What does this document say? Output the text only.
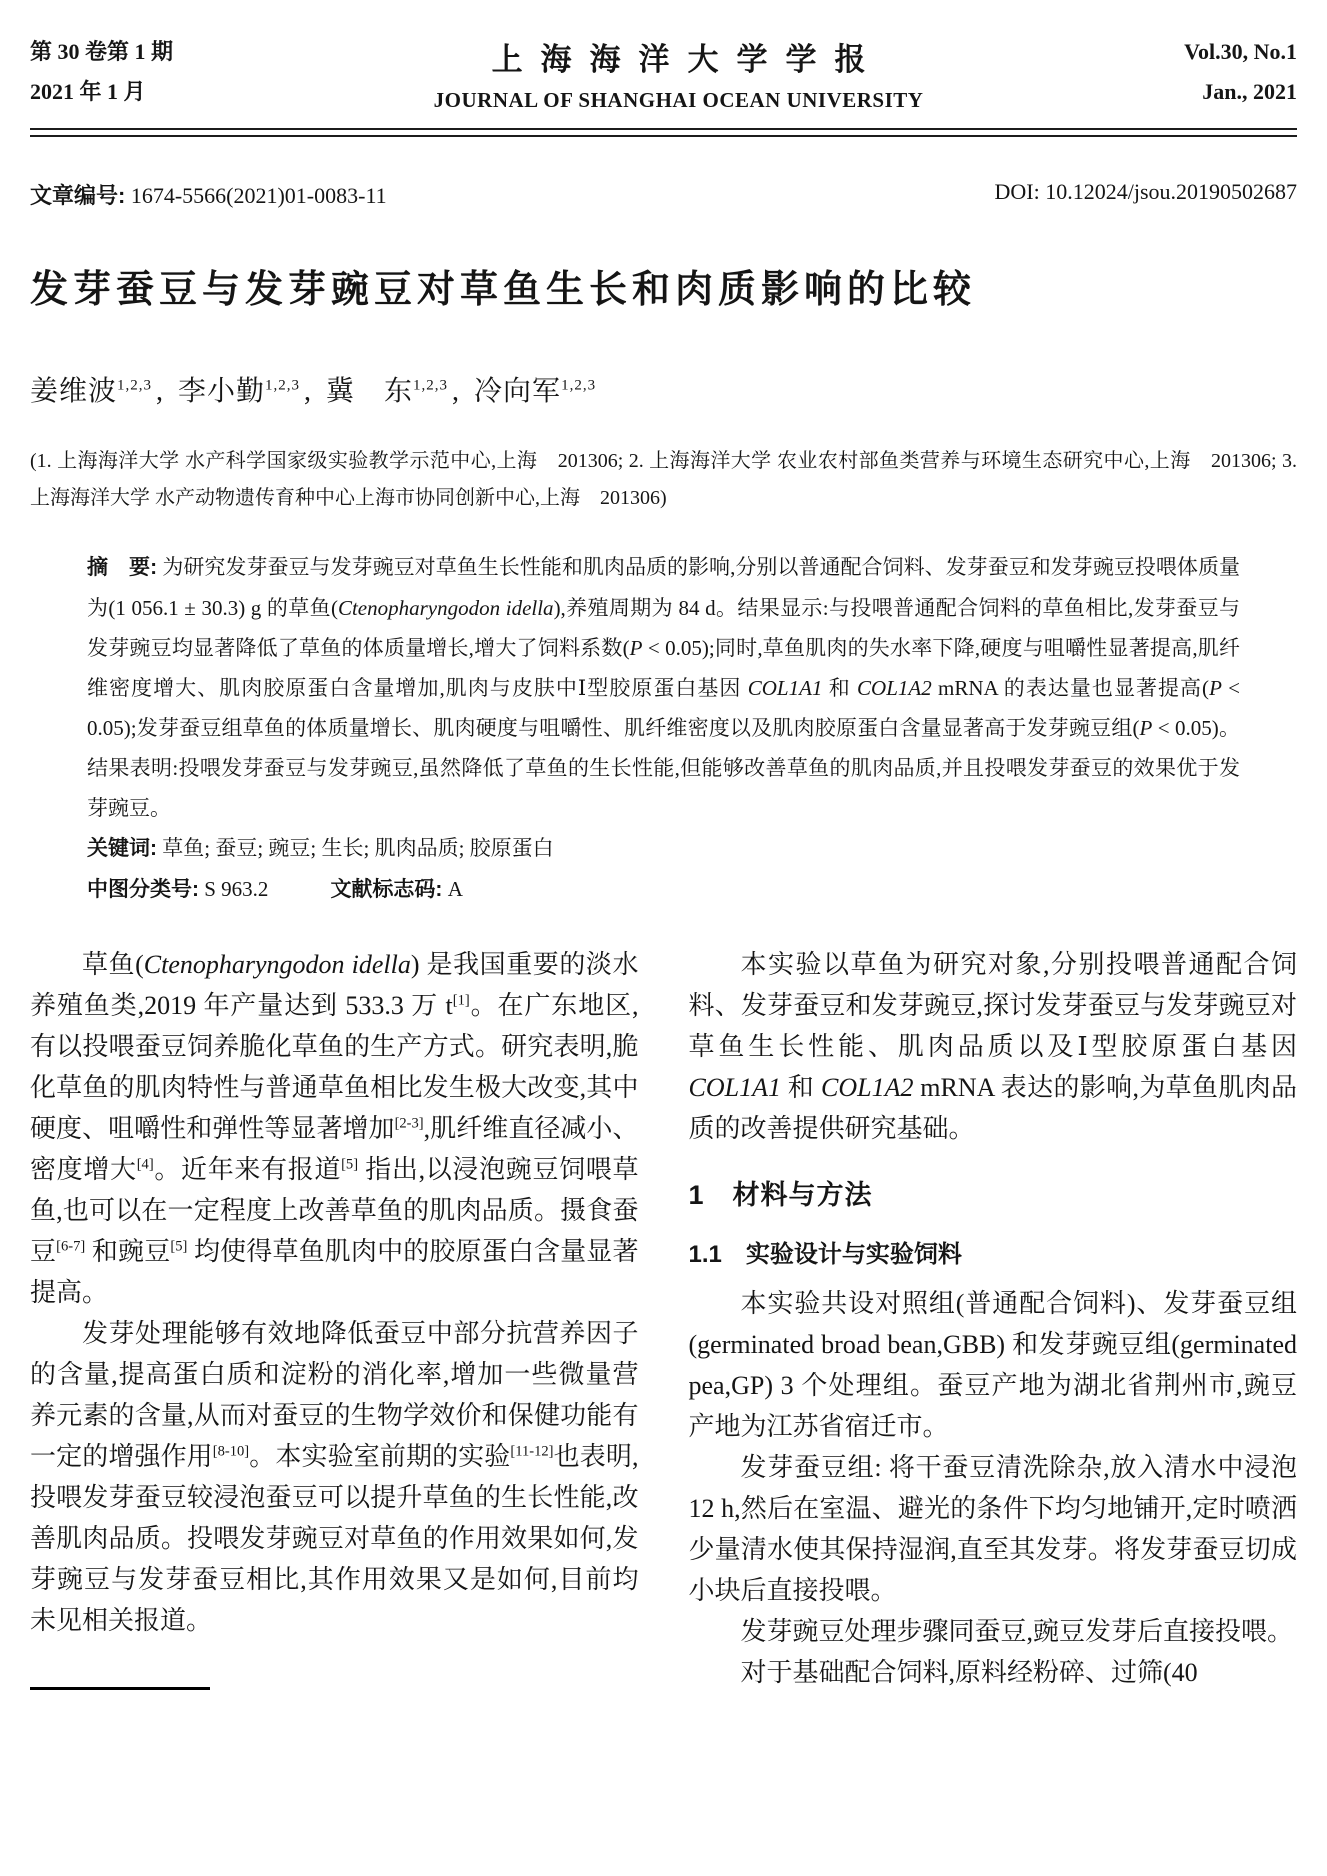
第 30 卷第 1 期
2021 年 1 月
上海海洋大学学报
JOURNAL OF SHANGHAI OCEAN UNIVERSITY
Vol.30, No.1
Jan., 2021
文章编号: 1674-5566(2021)01-0083-11	DOI: 10.12024/jsou.20190502687
发芽蚕豆与发芽豌豆对草鱼生长和肉质影响的比较
姜维波$^{1,2,3}$ , 李小勤$^{1,2,3}$ , 冀　东$^{1,2,3}$ , 冷向军$^{1,2,3}$
(1. 上海海洋大学 水产科学国家级实验教学示范中心,上海　201306; 2. 上海海洋大学 农业农村部鱼类营养与环境生态研究中心,上海　201306; 3. 上海海洋大学 水产动物遗传育种中心上海市协同创新中心,上海　201306)
摘　要: 为研究发芽蚕豆与发芽豌豆对草鱼生长性能和肌肉品质的影响,分别以普通配合饲料、发芽蚕豆和发芽豌豆投喂体质量为(1 056.1 ± 30.3) g 的草鱼(Ctenopharyngodon idella),养殖周期为 84 d。结果显示:与投喂普通配合饲料的草鱼相比,发芽蚕豆与发芽豌豆均显著降低了草鱼的体质量增长,增大了饲料系数(P < 0.05);同时,草鱼肌肉的失水率下降,硬度与咀嚼性显著提高,肌纤维密度增大、肌肉胶原蛋白含量增加,肌肉与皮肤中Ⅰ型胶原蛋白基因 COL1A1 和 COL1A2 mRNA 的表达量也显著提高(P < 0.05);发芽蚕豆组草鱼的体质量增长、肌肉硬度与咀嚼性、肌纤维密度以及肌肉胶原蛋白含量显著高于发芽豌豆组(P < 0.05)。结果表明:投喂发芽蚕豆与发芽豌豆,虽然降低了草鱼的生长性能,但能够改善草鱼的肌肉品质,并且投喂发芽蚕豆的效果优于发芽豌豆。
关键词: 草鱼; 蚕豆; 豌豆; 生长; 肌肉品质; 胶原蛋白
中图分类号: S 963.2	文献标志码: A

草鱼(Ctenopharyngodon idella) 是我国重要的淡水养殖鱼类,2019 年产量达到 533.3 万 t[1]。在广东地区,有以投喂蚕豆饲养脆化草鱼的生产方式。研究表明,脆化草鱼的肌肉特性与普通草鱼相比发生极大改变,其中硬度、咀嚼性和弹性等显著增加[2-3],肌纤维直径减小、密度增大[4]。近年来有报道[5] 指出,以浸泡豌豆饲喂草鱼,也可以在一定程度上改善草鱼的肌肉品质。摄食蚕豆[6-7] 和豌豆[5] 均使得草鱼肌肉中的胶原蛋白含量显著提高。

发芽处理能够有效地降低蚕豆中部分抗营养因子的含量,提高蛋白质和淀粉的消化率,增加一些微量营养元素的含量,从而对蚕豆的生物学效价和保健功能有一定的增强作用[8-10]。本实验室前期的实验[11-12]也表明,投喂发芽蚕豆较浸泡蚕豆可以提升草鱼的生长性能,改善肌肉品质。投喂发芽豌豆对草鱼的作用效果如何,发芽豌豆与发芽蚕豆相比,其作用效果又是如何,目前均未见相关报道。

本实验以草鱼为研究对象,分别投喂普通配合饲料、发芽蚕豆和发芽豌豆,探讨发芽蚕豆与发芽豌豆对草鱼生长性能、肌肉品质以及Ⅰ型胶原蛋白基因 COL1A1 和 COL1A2 mRNA 表达的影响,为草鱼肌肉品质的改善提供研究基础。

1　材料与方法
1.1　实验设计与实验饲料

本实验共设对照组(普通配合饲料)、发芽蚕豆组(germinated broad bean,GBB) 和发芽豌豆组(germinated pea,GP) 3 个处理组。蚕豆产地为湖北省荆州市,豌豆产地为江苏省宿迁市。

发芽蚕豆组: 将干蚕豆清洗除杂,放入清水中浸泡 12 h,然后在室温、避光的条件下均匀地铺开,定时喷洒少量清水使其保持湿润,直至其发芽。将发芽蚕豆切成小块后直接投喂。

发芽豌豆处理步骤同蚕豆,豌豆发芽后直接投喂。

对于基础配合饲料,原料经粉碎、过筛(40
